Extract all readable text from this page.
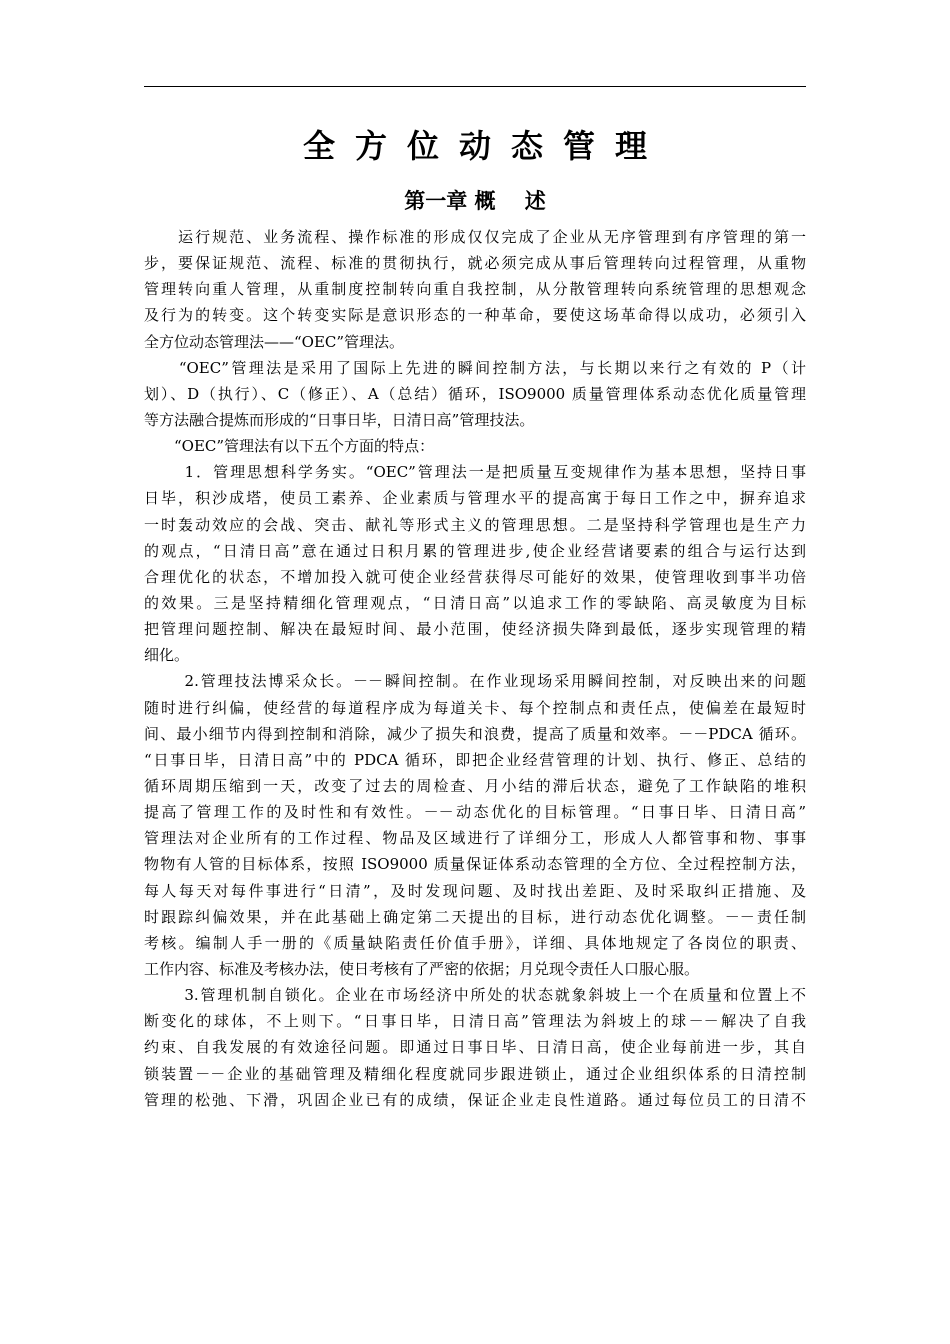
全方位动态管理
第一章 概    述
　　运行规范、业务流程、操作标准的形成仅仅完成了企业从无序管理到有序管理的第一
步，要保证规范、流程、标准的贯彻执行，就必须完成从事后管理转向过程管理，从重物
管理转向重人管理，从重制度控制转向重自我控制，从分散管理转向系统管理的思想观念
及行为的转变。这个转变实际是意识形态的一种革命，要使这场革命得以成功，必须引入
全方位动态管理法——“OEC”管理法。
　　“OEC”管理法是采用了国际上先进的瞬间控制方法，与长期以来行之有效的 P（计
划）、D（执行）、C（修正）、A（总结）循环，ISO9000 质量管理体系动态优化质量管理
等方法融合提炼而形成的“日事日毕，日清日高”管理技法。
　　“OEC”管理法有以下五个方面的特点：
　　 1．管理思想科学务实。“OEC”管理法一是把质量互变规律作为基本思想，坚持日事
日毕，积沙成塔，使员工素养、企业素质与管理水平的提高寓于每日工作之中，摒弃追求
一时轰动效应的会战、突击、献礼等形式主义的管理思想。二是坚持科学管理也是生产力
的观点，“日清日高”意在通过日积月累的管理进步,使企业经营诸要素的组合与运行达到
合理优化的状态，不增加投入就可使企业经营获得尽可能好的效果，使管理收到事半功倍
的效果。三是坚持精细化管理观点，“日清日高”以追求工作的零缺陷、高灵敏度为目标
把管理问题控制、解决在最短时间、最小范围，使经济损失降到最低，逐步实现管理的精
细化。
　　 2.管理技法博采众长。－－瞬间控制。在作业现场采用瞬间控制，对反映出来的问题
随时进行纠偏，使经营的每道程序成为每道关卡、每个控制点和责任点，使偏差在最短时
间、最小细节内得到控制和消除，减少了损失和浪费，提高了质量和效率。－－PDCA 循环。
“日事日毕，日清日高”中的 PDCA 循环，即把企业经营管理的计划、执行、修正、总结的
循环周期压缩到一天，改变了过去的周检查、月小结的滞后状态，避免了工作缺陷的堆积
提高了管理工作的及时性和有效性。－－动态优化的目标管理。“日事日毕、日清日高”
管理法对企业所有的工作过程、物品及区域进行了详细分工，形成人人都管事和物、事事
物物有人管的目标体系，按照 ISO9000 质量保证体系动态管理的全方位、全过程控制方法，
每人每天对每件事进行“日清”，及时发现问题、及时找出差距、及时采取纠正措施、及
时跟踪纠偏效果，并在此基础上确定第二天提出的目标，进行动态优化调整。－－责任制
考核。编制人手一册的《质量缺陷责任价值手册》，详细、具体地规定了各岗位的职责、
工作内容、标准及考核办法，使日考核有了严密的依据；月兑现令责任人口服心服。
　　 3.管理机制自锁化。企业在市场经济中所处的状态就象斜坡上一个在质量和位置上不
断变化的球体，不上则下。“日事日毕，日清日高”管理法为斜坡上的球－－解决了自我
约束、自我发展的有效途径问题。即通过日事日毕、日清日高，使企业每前进一步，其自
锁装置－－企业的基础管理及精细化程度就同步跟进锁止，通过企业组织体系的日清控制
管理的松弛、下滑，巩固企业已有的成绩，保证企业走良性道路。通过每位员工的日清不
